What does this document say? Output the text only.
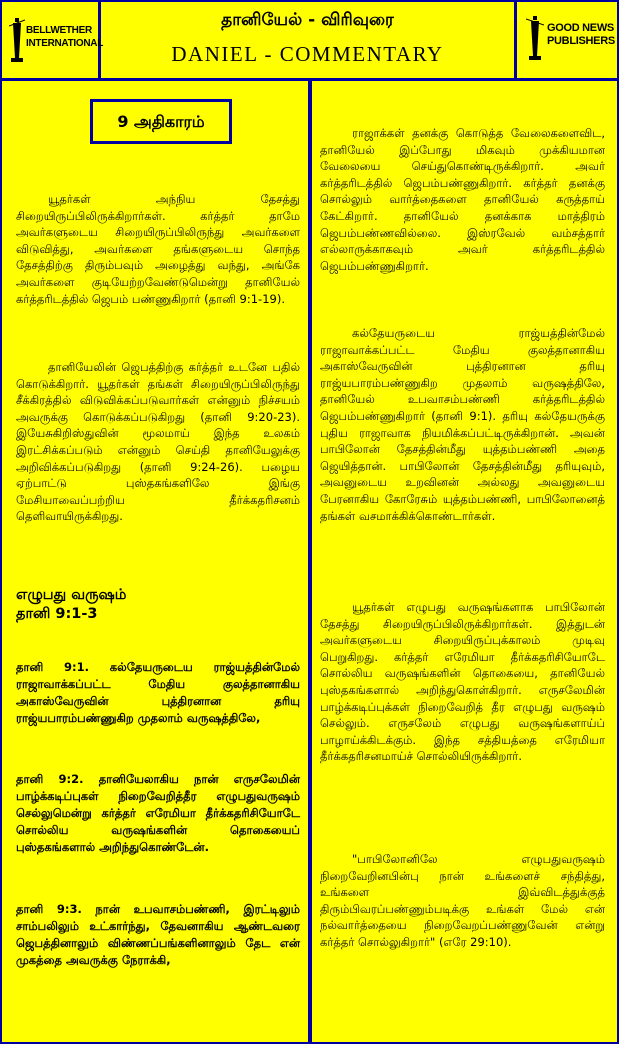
BELLWETHER
INTERNATIONAL
தானியேல் - விரிவுரை
DANIEL - COMMENTARY
GOOD NEWS
PUBLISHERS
9 அதிகாரம்

யூதர்கள் அந்நிய தேசத்து சிறையிருப்பிலிருக்கிறார்கள். கர்த்தர் தாமே அவர்களுடைய சிறையிருப்பிலிருந்து அவர்களை விடுவித்து, அவர்களை தங்களுடைய சொந்த தேசத்திற்கு திரும்பவும் அழைத்து வந்து, அங்கே அவர்களை குடியேற்றவேண்டுமென்று தானியேல் கர்த்தரிடத்தில் ஜெபம் பண்ணுகிறார் (தானி 9:1-19).

தானியேலின் ஜெபத்திற்கு கர்த்தர் உடனே பதில் கொடுக்கிறார். யூதர்கள் தங்கள் சிறையிருப்பிலிருந்து சீக்கிரத்தில் விடுவிக்கப்படுவார்கள் என்னும் நிச்சயம் அவருக்கு கொடுக்கப்படுகிறது (தானி 9:20-23). இயேசுகிறிஸ்துவின் மூலமாய் இந்த உலகம் இரட்சிக்கப்படும் என்னும் செய்தி தானியேலுக்கு அறிவிக்கப்படுகிறது (தானி 9:24-26). பழைய ஏற்பாட்டு புஸ்தகங்களிலே இங்கு மேசியாவைப்பற்றிய தீர்க்கதரிசனம் தெளிவாயிருக்கிறது.

எழுபது வருஷம்

தானி 9:1-3

தானி 9:1. கல்தேயருடைய ராஜ்யத்தின்மேல் ராஜாவாக்கப்பட்ட மேதிய குலத்தானாகிய அகாஸ்வேருவின் புத்திரனான தரியு ராஜ்யபாரம்பண்ணுகிற முதலாம் வருஷத்திலே,

தானி 9:2. தானியேலாகிய நான் எருசலேமின் பாழ்க்கடிப்புகள் நிறைவேறித்தீர எழுபதுவருஷம் செல்லுமென்று கர்த்தர் எரேமியா தீர்க்கதரிசியோடே சொல்லிய வருஷங்களின் தொகையைப் புஸ்தகங்களால் அறிந்துகொண்டேன்.

தானி 9:3. நான் உபவாசம்பண்ணி, இரட்டிலும் சாம்பலிலும் உட்கார்ந்து, தேவனாகிய ஆண்டவரை ஜெபத்தினாலும் விண்ணப்பங்களினாலும் தேட என் முகத்தை அவருக்கு நேராக்கி,

ராஜாக்கள் தனக்கு கொடுத்த வேலைகளைவிட, தானியேல் இப்போது மிகவும் முக்கியமான வேலையை செய்துகொண்டிருக்கிறார். அவர் கர்த்தரிடத்தில் ஜெபம்பண்ணுகிறார். கர்த்தர் தனக்கு சொல்லும் வார்த்தைகளை தானியேல் கருத்தாய் கேட்கிறார். தானியேல் தனக்காக மாத்திரம் ஜெபம்பண்ணவில்லை. இஸ்ரவேல் வம்சத்தார் எல்லாருக்காகவும் அவர் கர்த்தரிடத்தில் ஜெபம்பண்ணுகிறார்.

கல்தேயருடைய ராஜ்யத்தின்மேல் ராஜாவாக்கப்பட்ட மேதிய குலத்தானாகிய அகாஸ்வேருவின் புத்திரனான தரியு ராஜ்யபாரம்பண்ணுகிற முதலாம் வருஷத்திலே, தானியேல் உபவாசம்பண்ணி கர்த்தரிடத்தில் ஜெபம்பண்ணுகிறார் (தானி 9:1). தரியு கல்தேயருக்கு புதிய ராஜாவாக நியமிக்கப்பட்டிருக்கிறான். அவன் பாபிலோன் தேசத்தின்மீது யுத்தம்பண்ணி அதை ஜெயித்தான். பாபிலோன் தேசத்தின்மீது தரியுவும், அவனுடைய உறவினன் அல்லது அவனுடைய பேரனாகிய கோரேசும் யுத்தம்பண்ணி, பாபிலோனைத் தங்கள் வசமாக்கிக்கொண்டார்கள்.

யூதர்கள் எழுபது வருஷங்களாக பாபிலோன் தேசத்து சிறையிருப்பிலிருக்கிறார்கள். இத்துடன் அவர்களுடைய சிறையிருப்புக்காலம் முடிவு பெறுகிறது. கர்த்தர் எரேமியா தீர்க்கதரிசியோடே சொல்லிய வருஷங்களின் தொகையை, தானியேல் புஸ்தகங்களால் அறிந்துகொள்கிறார். எருசலேமின் பாழ்க்கடிப்புக்கள் நிறைவேறித் தீர எழுபது வருஷம் செல்லும். எருசலேம் எழுபது வருஷங்களாய்ப் பாழாய்க்கிடக்கும். இந்த சத்தியத்தை எரேமியா தீர்க்கதரிசனமாய்ச் சொல்லியிருக்கிறார்.

"பாபிலோனிலே எழுபதுவருஷம் நிறைவேறினபின்பு நான் உங்களைச் சந்தித்து, உங்களை இவ்விடத்துக்குத் திரும்பிவரப்பண்ணும்படிக்கு உங்கள் மேல் என் நல்வார்த்தையை நிறைவேறப்பண்ணுவேன் என்று கர்த்தர் சொல்லுகிறார்" (எரே 29:10).
